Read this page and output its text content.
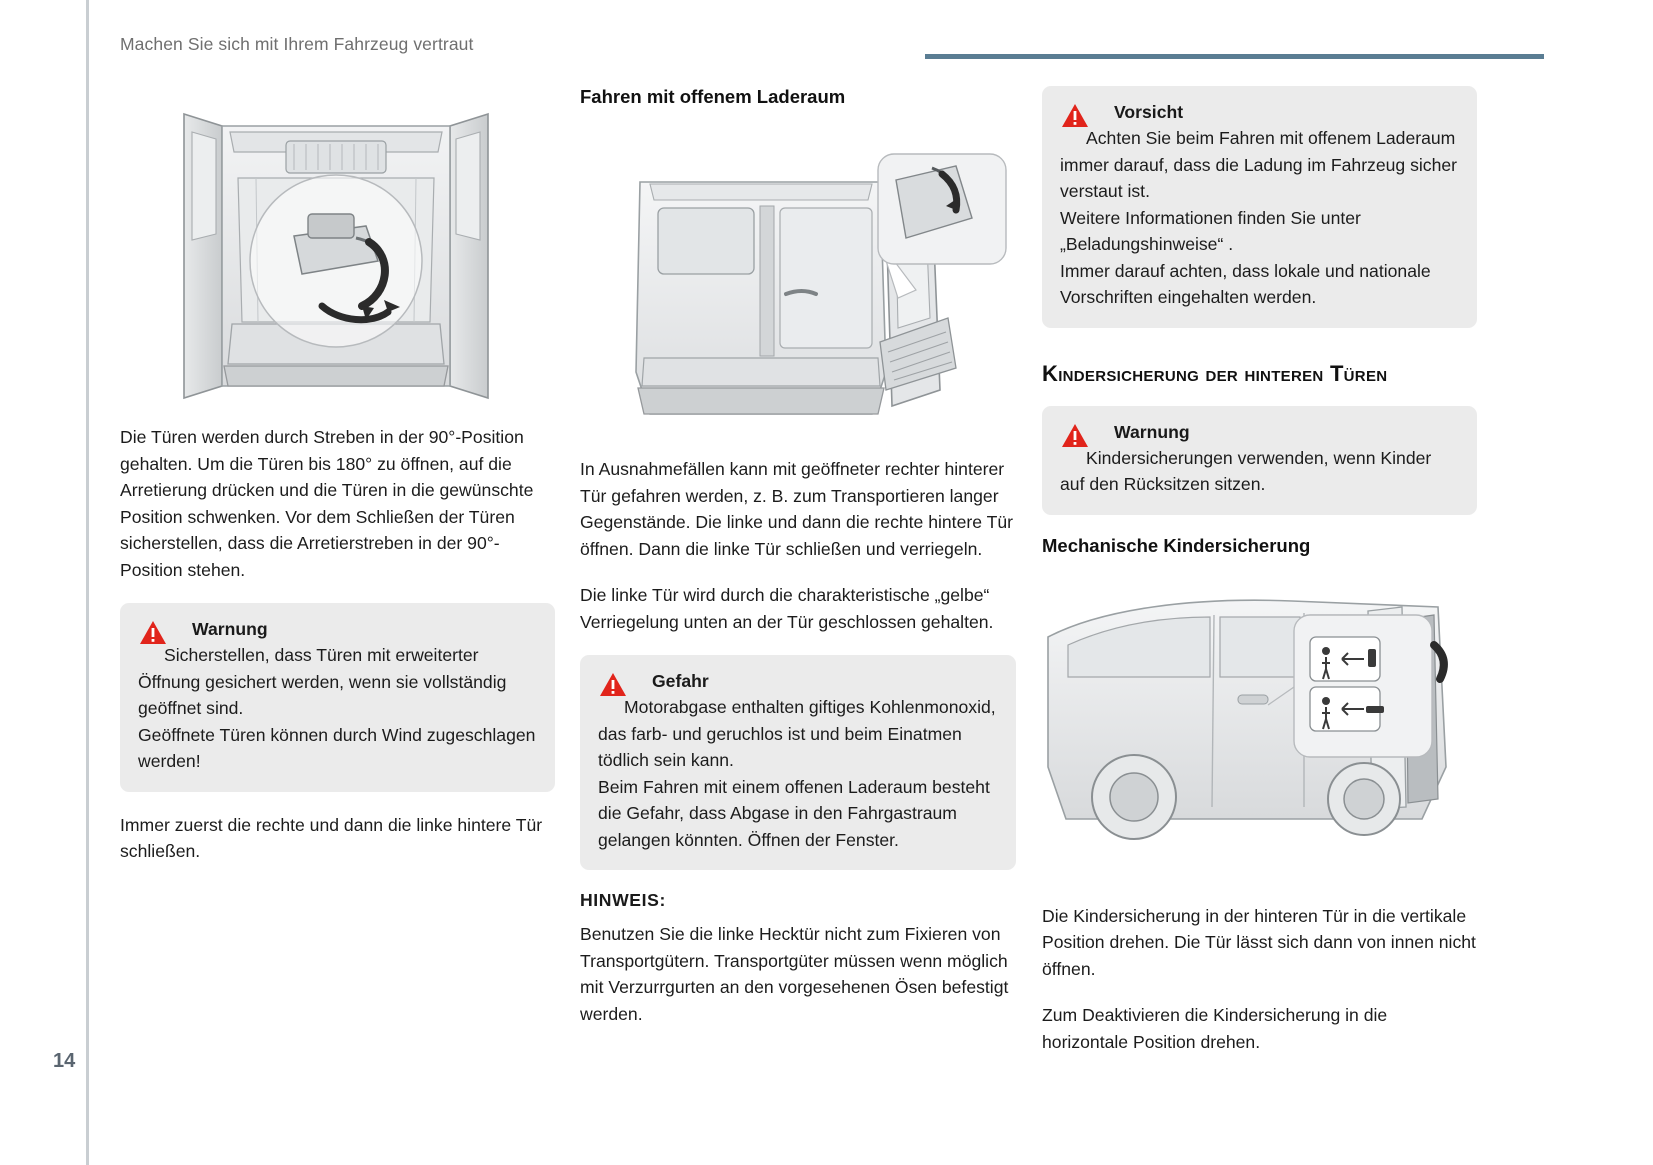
Machen Sie sich mit Ihrem Fahrzeug vertraut
14

Die Türen werden durch Streben in der 90°-Position gehalten. Um die Türen bis 180° zu öffnen, auf die Arretierung drücken und die Türen in die gewünschte Position schwenken. Vor dem Schließen der Türen sicherstellen, dass die Arretierstreben in der 90°-Position stehen.

Warnung

Sicherstellen, dass Türen mit erweiterter Öffnung gesichert werden, wenn sie vollständig geöffnet sind.
Geöffnete Türen können durch Wind zugeschlagen werden!

Immer zuerst die rechte und dann die linke hintere Tür schließen.

Fahren mit offenem Laderaum

In Ausnahmefällen kann mit geöffneter rechter hinterer Tür gefahren werden, z. B. zum Transportieren langer Gegenstände. Die linke und dann die rechte hintere Tür öffnen. Dann die linke Tür schließen und verriegeln.

Die linke Tür wird durch die charakteristische „gelbe“ Verriegelung unten an der Tür geschlossen gehalten.

Gefahr

Motorabgase enthalten giftiges Kohlenmonoxid, das farb- und geruchlos ist und beim Einatmen tödlich sein kann.
Beim Fahren mit einem offenen Laderaum besteht die Gefahr, dass Abgase in den Fahrgastraum gelangen könnten. Öffnen der Fenster.

HINWEIS:

Benutzen Sie die linke Hecktür nicht zum Fixieren von Transportgütern. Transportgüter müssen wenn möglich mit Verzurrgurten an den vorgesehenen Ösen befestigt werden.

Vorsicht

Achten Sie beim Fahren mit offenem Laderaum immer darauf, dass die Ladung im Fahrzeug sicher verstaut ist.
Weitere Informationen finden Sie unter „Beladungshinweise“ .
Immer darauf achten, dass lokale und nationale Vorschriften eingehalten werden.

Kindersicherung der hinteren Türen
Warnung

Kindersicherungen verwenden, wenn Kinder auf den Rücksitzen sitzen.

Mechanische Kindersicherung

Die Kindersicherung in der hinteren Tür in die vertikale Position drehen. Die Tür lässt sich dann von innen nicht öffnen.

Zum Deaktivieren die Kindersicherung in die horizontale Position drehen.
